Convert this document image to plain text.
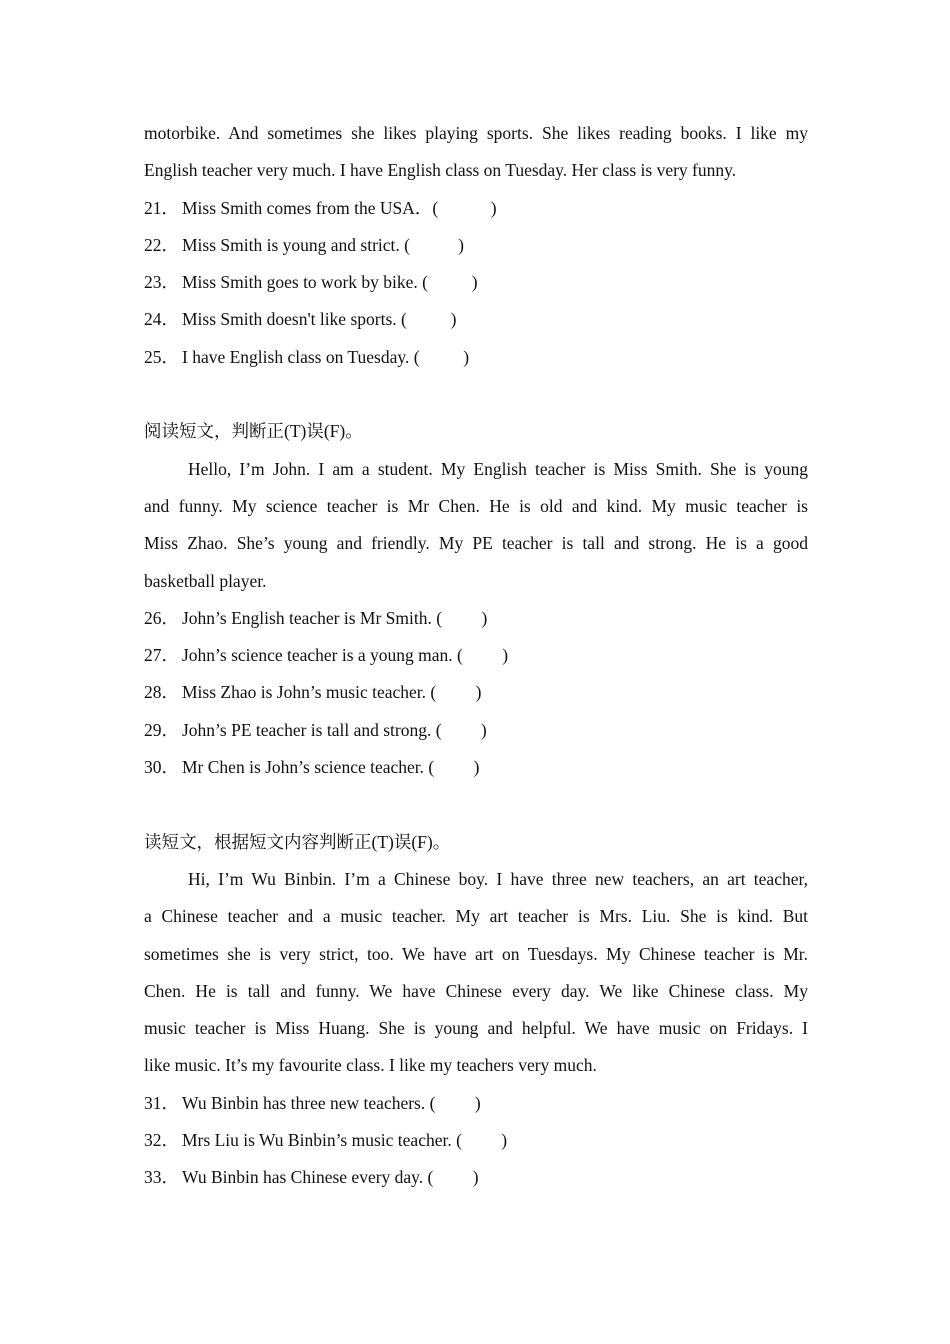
motorbike. And sometimes she likes playing sports. She likes reading books. I like my
English teacher very much. I have English class on Tuesday. Her class is very funny.
21． Miss Smith comes from the USA．(
	)
22． Miss Smith is young and strict. (
	)
23． Miss Smith goes to work by bike. (
	)
24． Miss Smith doesn't like sports. (
	)
25． I have English class on Tuesday. (
	)
阅读短文，判断正(T)误(F)。
Hello, I’m John. I am a student. My English teacher is Miss Smith. She is young
and funny. My science teacher is Mr Chen. He is old and kind. My music teacher is
Miss Zhao. She’s young and friendly. My PE teacher is tall and strong. He is a good
basketball player.
26． John’s English teacher is Mr Smith. (
)
27． John’s science teacher is a young man. (
)
28． Miss Zhao is John’s music teacher. (
)
29． John’s PE teacher is tall and strong. (
)
30． Mr Chen is John’s science teacher. (
)
读短文，根据短文内容判断正(T)误(F)。
Hi, I’m Wu Binbin. I’m a Chinese boy. I have three new teachers, an art teacher,
a Chinese teacher and a music teacher. My art teacher is Mrs. Liu. She is kind. But
sometimes she is very strict, too. We have art on Tuesdays. My Chinese teacher is Mr.
Chen. He is tall and funny. We have Chinese every day. We like Chinese class. My
music teacher is Miss Huang. She is young and helpful. We have music on Fridays. I
like music. It’s my favourite class. I like my teachers very much.
31． Wu Binbin has three new teachers. (
)
32． Mrs Liu is Wu Binbin’s music teacher. (
)
33． Wu Binbin has Chinese every day. (
)
